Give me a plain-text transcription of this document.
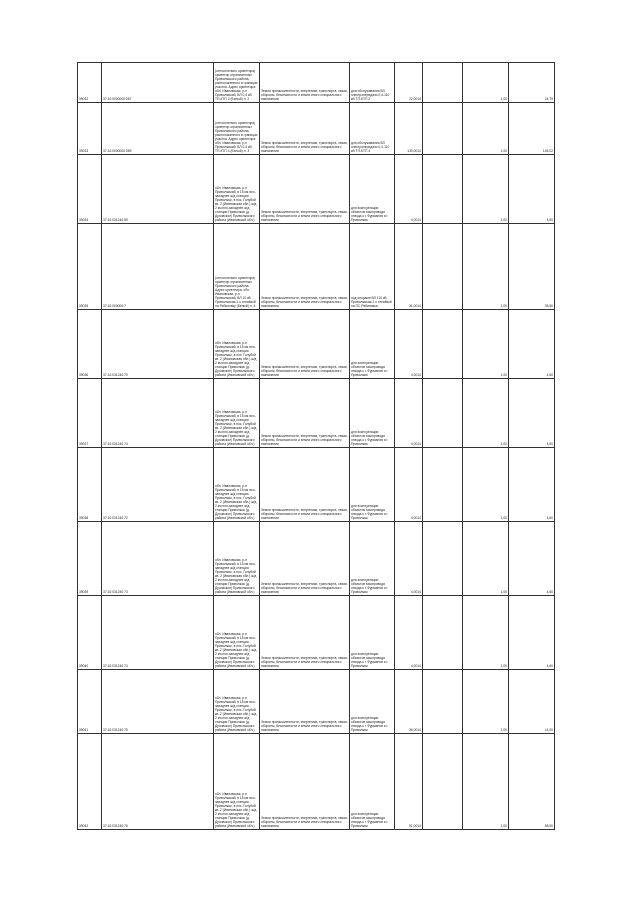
39032	37:10:0000000:087	(относительно ориентира) ориентир ограниченных Приволжского района, расположенного в границах участка. Адрес ориентира: обл. Ивановская, р-н Приволжский, ВЛ 0,4 кВ ТП-КТП 2 (Белый) л. 2	Земли промышленности, энергетики, транспорта, связи, обороны, безопасности и земли иного специального назначения	для обслуживания ВЛ электропередачи 0,4-110 кВ ТП-КТП 2	22,0014		1,00	24,79
39033	37:10:0000000:089	(относительно ориентира) ориентир ограниченных Приволжского района, расположенного в границах участка. Адрес ориентира: обл. Ивановская, р-н Приволжский, ВЛ 0,4 кВ ТП-КТП 4 (Белый) л. 3	Земли промышленности, энергетики, транспорта, связи, обороны, безопасности и земли иного специального назначения	для обслуживания ВЛ электропередачи 0,4-110 кВ ТП-КТП 4	130,0014		1,00	145,02
39034	37:10:031240:59	обл. Ивановская, р-н Приволжский, в 15 км юго-западнее ж/д станции Приволжск, в пос. Голубой кв. 2 (Ивановская обл.) ж/д 2 км юго-западнее ж/д станции Приволжск (д. Духовское) Приволжского района (Ивановской обл.)	Земли промышленности, энергетики, транспорта, связи, обороны, безопасности и земли иного специального назначения	для эксплуатации объектов газопровода отвода к г. Фурманов и г. Приволжск	4,0014		1,00	4,60
39035	37:10:000000:7	(относительно ориентира) ориентир ограниченных Приволжского района. Адрес ориентира: обл. Ивановская, р-н Приволжский, ВЛ 10 кВ Приволжская-1 с отпайкой на Рябиновку (Белый) л. 4	Земли промышленности, энергетики, транспорта, связи, обороны, безопасности и земли иного специального назначения	под опорами ВЛ 110 кВ Приволжская-1 с отпайкой на ПС Рябиновка	31,0014		1,00	35,50
39036	37:10:031240:70	обл. Ивановская, р-н Приволжский, в 15 км юго-западнее ж/д станции Приволжск, в пос. Голубой кв. 2 (Ивановская обл.) ж/д 2 км юго-западнее ж/д станции Приволжск (д. Духовское) Приволжского района (Ивановской обл.)	Земли промышленности, энергетики, транспорта, связи, обороны, безопасности и земли иного специального назначения	для эксплуатации объектов газопровода отвода к г. Фурманов и г. Приволжск	4,0014		1,00	4,60
39037	37:10:031240:74	обл. Ивановская, р-н Приволжский, в 15 км юго-западнее ж/д станции Приволжск, в пос. Голубой кв. 2 (Ивановская обл.) ж/д 2 км юго-западнее ж/д станции Приволжск (д. Духовское) Приволжского района (Ивановской обл.)	Земли промышленности, энергетики, транспорта, связи, обороны, безопасности и земли иного специального назначения	для эксплуатации объектов газопровода отвода к г. Фурманов и г. Приволжск	4,0014		1,00	4,60
39038	37:10:031240:72	обл. Ивановская, р-н Приволжский, в 15 км юго-западнее ж/д станции Приволжск, в пос. Голубой кв. 2 (Ивановская обл.) ж/д 2 км юго-западнее ж/д станции Приволжск (д. Духовское) Приволжского района (Ивановской обл.)	Земли промышленности, энергетики, транспорта, связи, обороны, безопасности и земли иного специального назначения	для эксплуатации объектов газопровода отвода к г. Фурманов и г. Приволжск	4,0014		1,00	4,60
39039	37:10:031240:73	обл. Ивановская, р-н Приволжский, в 15 км юго-западнее ж/д станции Приволжск, в пос. Голубой кв. 2 (Ивановская обл.) ж/д 2 км юго-западнее ж/д станции Приволжск (д. Духовское) Приволжского района (Ивановской обл.)	Земли промышленности, энергетики, транспорта, связи, обороны, безопасности и земли иного специального назначения	для эксплуатации объектов газопровода отвода к г. Фурманов и г. Приволжск	4,0014		1,00	4,60
39040	37:10:031240:74	обл. Ивановская, р-н Приволжский, в 15 км юго-западнее ж/д станции Приволжск, в пос. Голубой кв. 2 (Ивановская обл.) ж/д 2 км юго-западнее ж/д станции Приволжск (д. Духовское) Приволжского района (Ивановской обл.)	Земли промышленности, энергетики, транспорта, связи, обороны, безопасности и земли иного специального назначения	для эксплуатации объектов газопровода отвода к г. Фурманов и г. Приволжск	4,0014		1,00	4,60
39041	37:10:031240:75	обл. Ивановская, р-н Приволжский, в 15 км юго-западнее ж/д станции Приволжск, в пос. Голубой кв. 2 (Ивановская обл.) ж/д 2 км юго-западнее ж/д станции Приволжск (д. Духовское) Приволжского района (Ивановской обл.)	Земли промышленности, энергетики, транспорта, связи, обороны, безопасности и земли иного специального назначения	для эксплуатации объектов газопровода отвода к г. Фурманов и г. Приволжск	36,0014		1,00	41,00
39042	37:10:031240:76	обл. Ивановская, р-н Приволжский, в 15 км юго-западнее ж/д станции Приволжск, в пос. Голубой кв. 2 (Ивановская обл.) ж/д 2 км юго-западнее ж/д станции Приволжск (д. Духовское) Приволжского района (Ивановской обл.)	Земли промышленности, энергетики, транспорта, связи, обороны, безопасности и земли иного специального назначения	для эксплуатации объектов газопровода отвода к г. Фурманов и г. Приволжск	51,0014		1,00	58,50
